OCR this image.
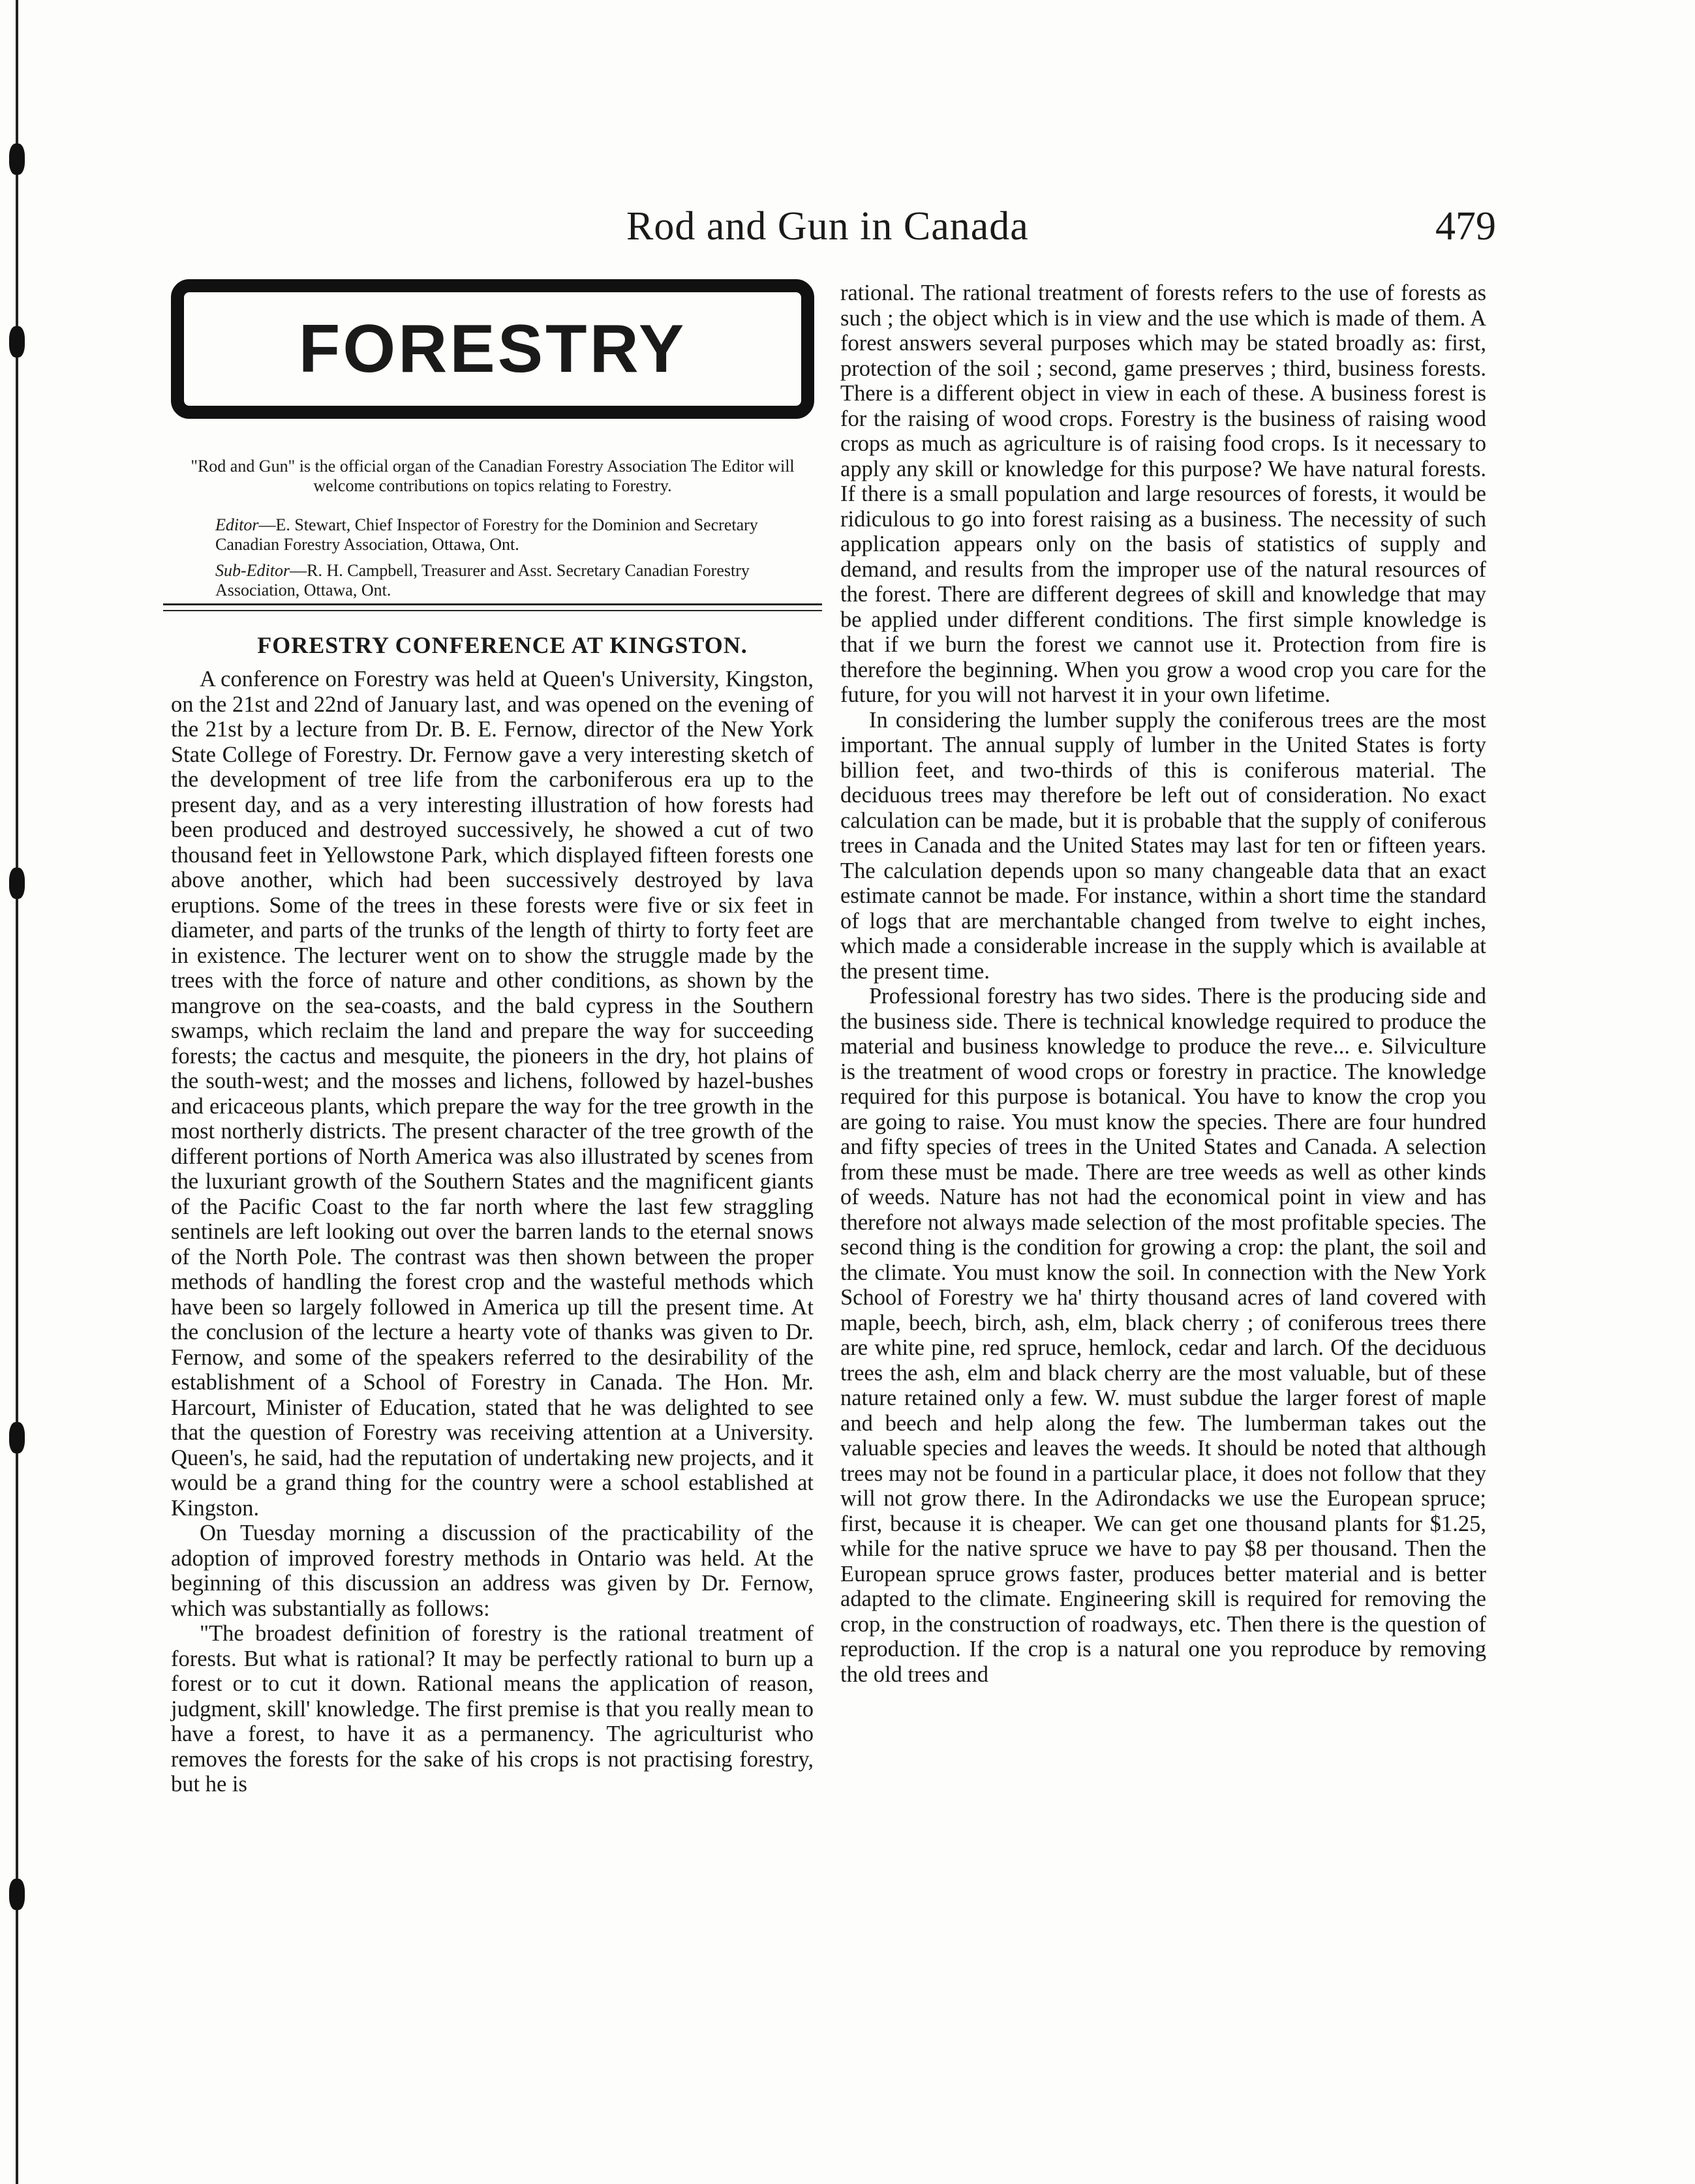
Rod and Gun in Canada	479
FORESTRY
"Rod and Gun" is the official organ of the Canadian Forestry Association The Editor will welcome contributions on topics relating to Forestry.
Editor—E. Stewart, Chief Inspector of Forestry for the Dominion and Secretary Canadian Forestry Association, Ottawa, Ont.
Sub-Editor—R. H. Campbell, Treasurer and Asst. Secretary Canadian Forestry Association, Ottawa, Ont.
FORESTRY CONFERENCE AT KINGSTON.

A conference on Forestry was held at Queen's University, Kingston, on the 21st and 22nd of January last, and was opened on the evening of the 21st by a lecture from Dr. B. E. Fernow, director of the New York State College of Forestry. Dr. Fernow gave a very interesting sketch of the development of tree life from the carboniferous era up to the present day, and as a very interesting illustration of how forests had been produced and destroyed successively, he showed a cut of two thousand feet in Yellowstone Park, which displayed fifteen forests one above another, which had been successively destroyed by lava eruptions. Some of the trees in these forests were five or six feet in diameter, and parts of the trunks of the length of thirty to forty feet are in existence. The lecturer went on to show the struggle made by the trees with the force of nature and other conditions, as shown by the mangrove on the sea-coasts, and the bald cypress in the Southern swamps, which reclaim the land and prepare the way for succeeding forests; the cactus and mesquite, the pioneers in the dry, hot plains of the south-west; and the mosses and lichens, followed by hazel-bushes and ericaceous plants, which prepare the way for the tree growth in the most northerly districts. The present character of the tree growth of the different portions of North America was also illustrated by scenes from the luxuriant growth of the Southern States and the magnificent giants of the Pacific Coast to the far north where the last few straggling sentinels are left looking out over the barren lands to the eternal snows of the North Pole. The contrast was then shown between the proper methods of handling the forest crop and the wasteful methods which have been so largely followed in America up till the present time. At the conclusion of the lecture a hearty vote of thanks was given to Dr. Fernow, and some of the speakers referred to the desirability of the establishment of a School of Forestry in Canada. The Hon. Mr. Harcourt, Minister of Education, stated that he was delighted to see that the question of Forestry was receiving attention at a University. Queen's, he said, had the reputation of undertaking new projects, and it would be a grand thing for the country were a school established at Kingston.

On Tuesday morning a discussion of the practicability of the adoption of improved forestry methods in Ontario was held. At the beginning of this discussion an address was given by Dr. Fernow, which was substantially as follows:

"The broadest definition of forestry is the rational treatment of forests. But what is rational? It may be perfectly rational to burn up a forest or to cut it down. Rational means the application of reason, judgment, skill' knowledge. The first premise is that you really mean to have a forest, to have it as a permanency. The agriculturist who removes the forests for the sake of his crops is not practising forestry, but he is

rational. The rational treatment of forests refers to the use of forests as such ; the object which is in view and the use which is made of them. A forest answers several purposes which may be stated broadly as: first, protection of the soil ; second, game preserves ; third, business forests. There is a different object in view in each of these. A business forest is for the raising of wood crops. Forestry is the business of raising wood crops as much as agriculture is of raising food crops. Is it necessary to apply any skill or knowledge for this purpose? We have natural forests. If there is a small population and large resources of forests, it would be ridiculous to go into forest raising as a business. The necessity of such application appears only on the basis of statistics of supply and demand, and results from the improper use of the natural resources of the forest. There are different degrees of skill and knowledge that may be applied under different conditions. The first simple knowledge is that if we burn the forest we cannot use it. Protection from fire is therefore the beginning. When you grow a wood crop you care for the future, for you will not harvest it in your own lifetime.

In considering the lumber supply the coniferous trees are the most important. The annual supply of lumber in the United States is forty billion feet, and two-thirds of this is coniferous material. The deciduous trees may therefore be left out of consideration. No exact calculation can be made, but it is probable that the supply of coniferous trees in Canada and the United States may last for ten or fifteen years. The calculation depends upon so many changeable data that an exact estimate cannot be made. For instance, within a short time the standard of logs that are merchantable changed from twelve to eight inches, which made a considerable increase in the supply which is available at the present time.

Professional forestry has two sides. There is the producing side and the business side. There is technical knowledge required to produce the material and business knowledge to produce the reve... e. Silviculture is the treatment of wood crops or forestry in practice. The knowledge required for this purpose is botanical. You have to know the crop you are going to raise. You must know the species. There are four hundred and fifty species of trees in the United States and Canada. A selection from these must be made. There are tree weeds as well as other kinds of weeds. Nature has not had the economical point in view and has therefore not always made selection of the most profitable species. The second thing is the condition for growing a crop: the plant, the soil and the climate. You must know the soil. In connection with the New York School of Forestry we ha' thirty thousand acres of land covered with maple, beech, birch, ash, elm, black cherry ; of coniferous trees there are white pine, red spruce, hemlock, cedar and larch. Of the deciduous trees the ash, elm and black cherry are the most valuable, but of these nature retained only a few. W. must subdue the larger forest of maple and beech and help along the few. The lumberman takes out the valuable species and leaves the weeds. It should be noted that although trees may not be found in a particular place, it does not follow that they will not grow there. In the Adirondacks we use the European spruce; first, because it is cheaper. We can get one thousand plants for $1.25, while for the native spruce we have to pay $8 per thousand. Then the European spruce grows faster, produces better material and is better adapted to the climate. Engineering skill is required for removing the crop, in the construction of roadways, etc. Then there is the question of reproduction. If the crop is a natural one you reproduce by removing the old trees and
